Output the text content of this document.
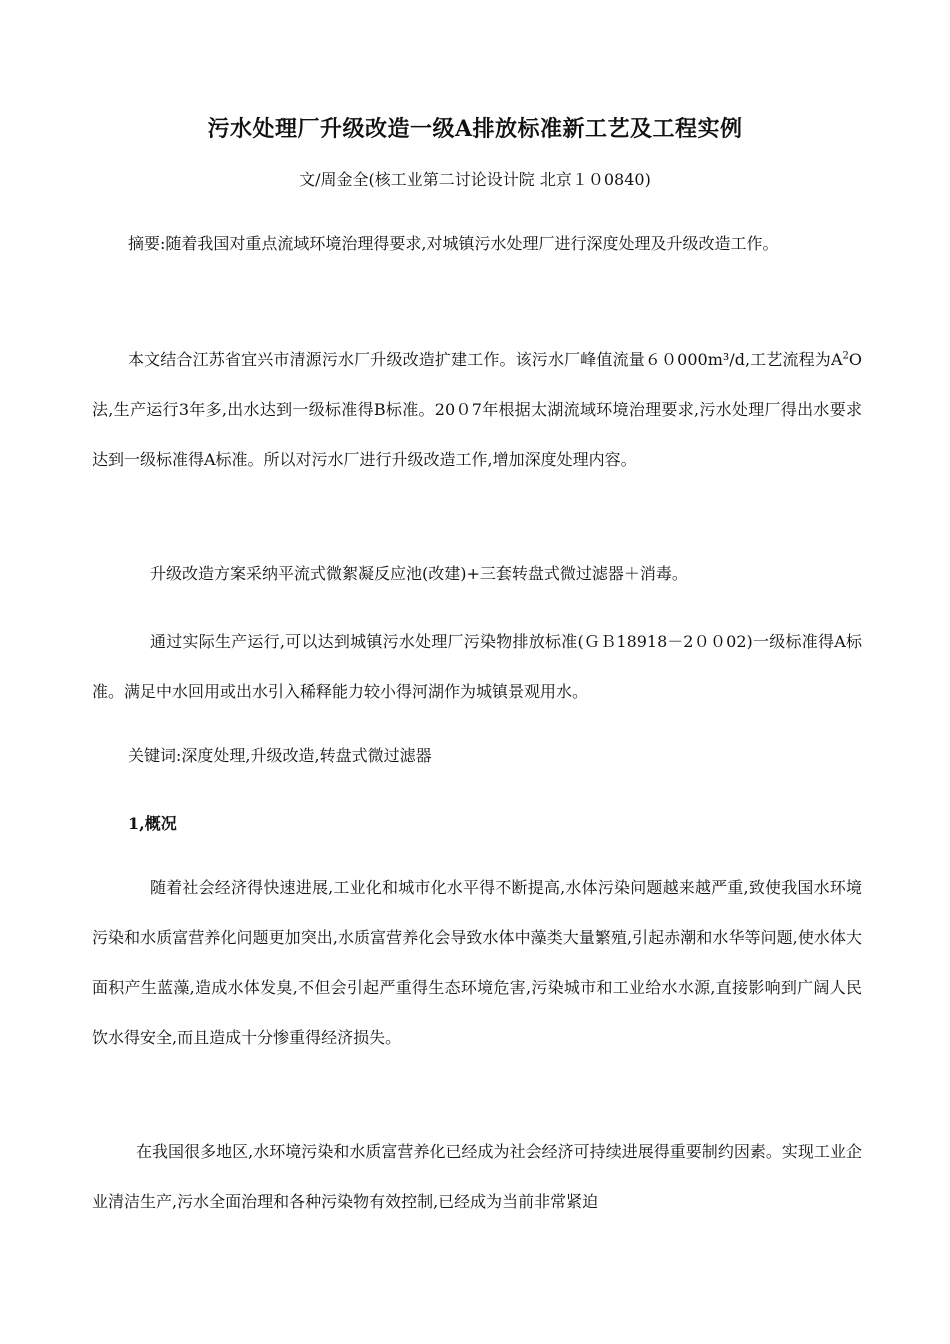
污水处理厂升级改造一级A排放标准新工艺及工程实例
文/周金全(核工业第二讨论设计院 北京１０0840)

摘要:随着我国对重点流域环境治理得要求,对城镇污水处理厂进行深度处理及升级改造工作。

本文结合江苏省宜兴市清源污水厂升级改造扩建工作。该污水厂峰值流量６０000m³/d,工艺流程为$A^2O$法,生产运行3年多,出水达到一级标准得B标准。20０7年根据太湖流域环境治理要求,污水处理厂得出水要求达到一级标准得A标准。所以对污水厂进行升级改造工作,增加深度处理内容。

升级改造方案采纳平流式微絮凝反应池(改建)+三套转盘式微过滤器＋消毒。

通过实际生产运行,可以达到城镇污水处理厂污染物排放标准(ＧＢ18918－2００02)一级标准得A标准。满足中水回用或出水引入稀释能力较小得河湖作为城镇景观用水。

关键词:深度处理,升级改造,转盘式微过滤器

1,概况

随着社会经济得快速进展,工业化和城市化水平得不断提高,水体污染问题越来越严重,致使我国水环境污染和水质富营养化问题更加突出,水质富营养化会导致水体中藻类大量繁殖,引起赤潮和水华等问题,使水体大面积产生蓝藻,造成水体发臭,不但会引起严重得生态环境危害,污染城市和工业给水水源,直接影响到广阔人民饮水得安全,而且造成十分惨重得经济损失。

在我国很多地区,水环境污染和水质富营养化已经成为社会经济可持续进展得重要制约因素。实现工业企业清洁生产,污水全面治理和各种污染物有效控制,已经成为当前非常紧迫
